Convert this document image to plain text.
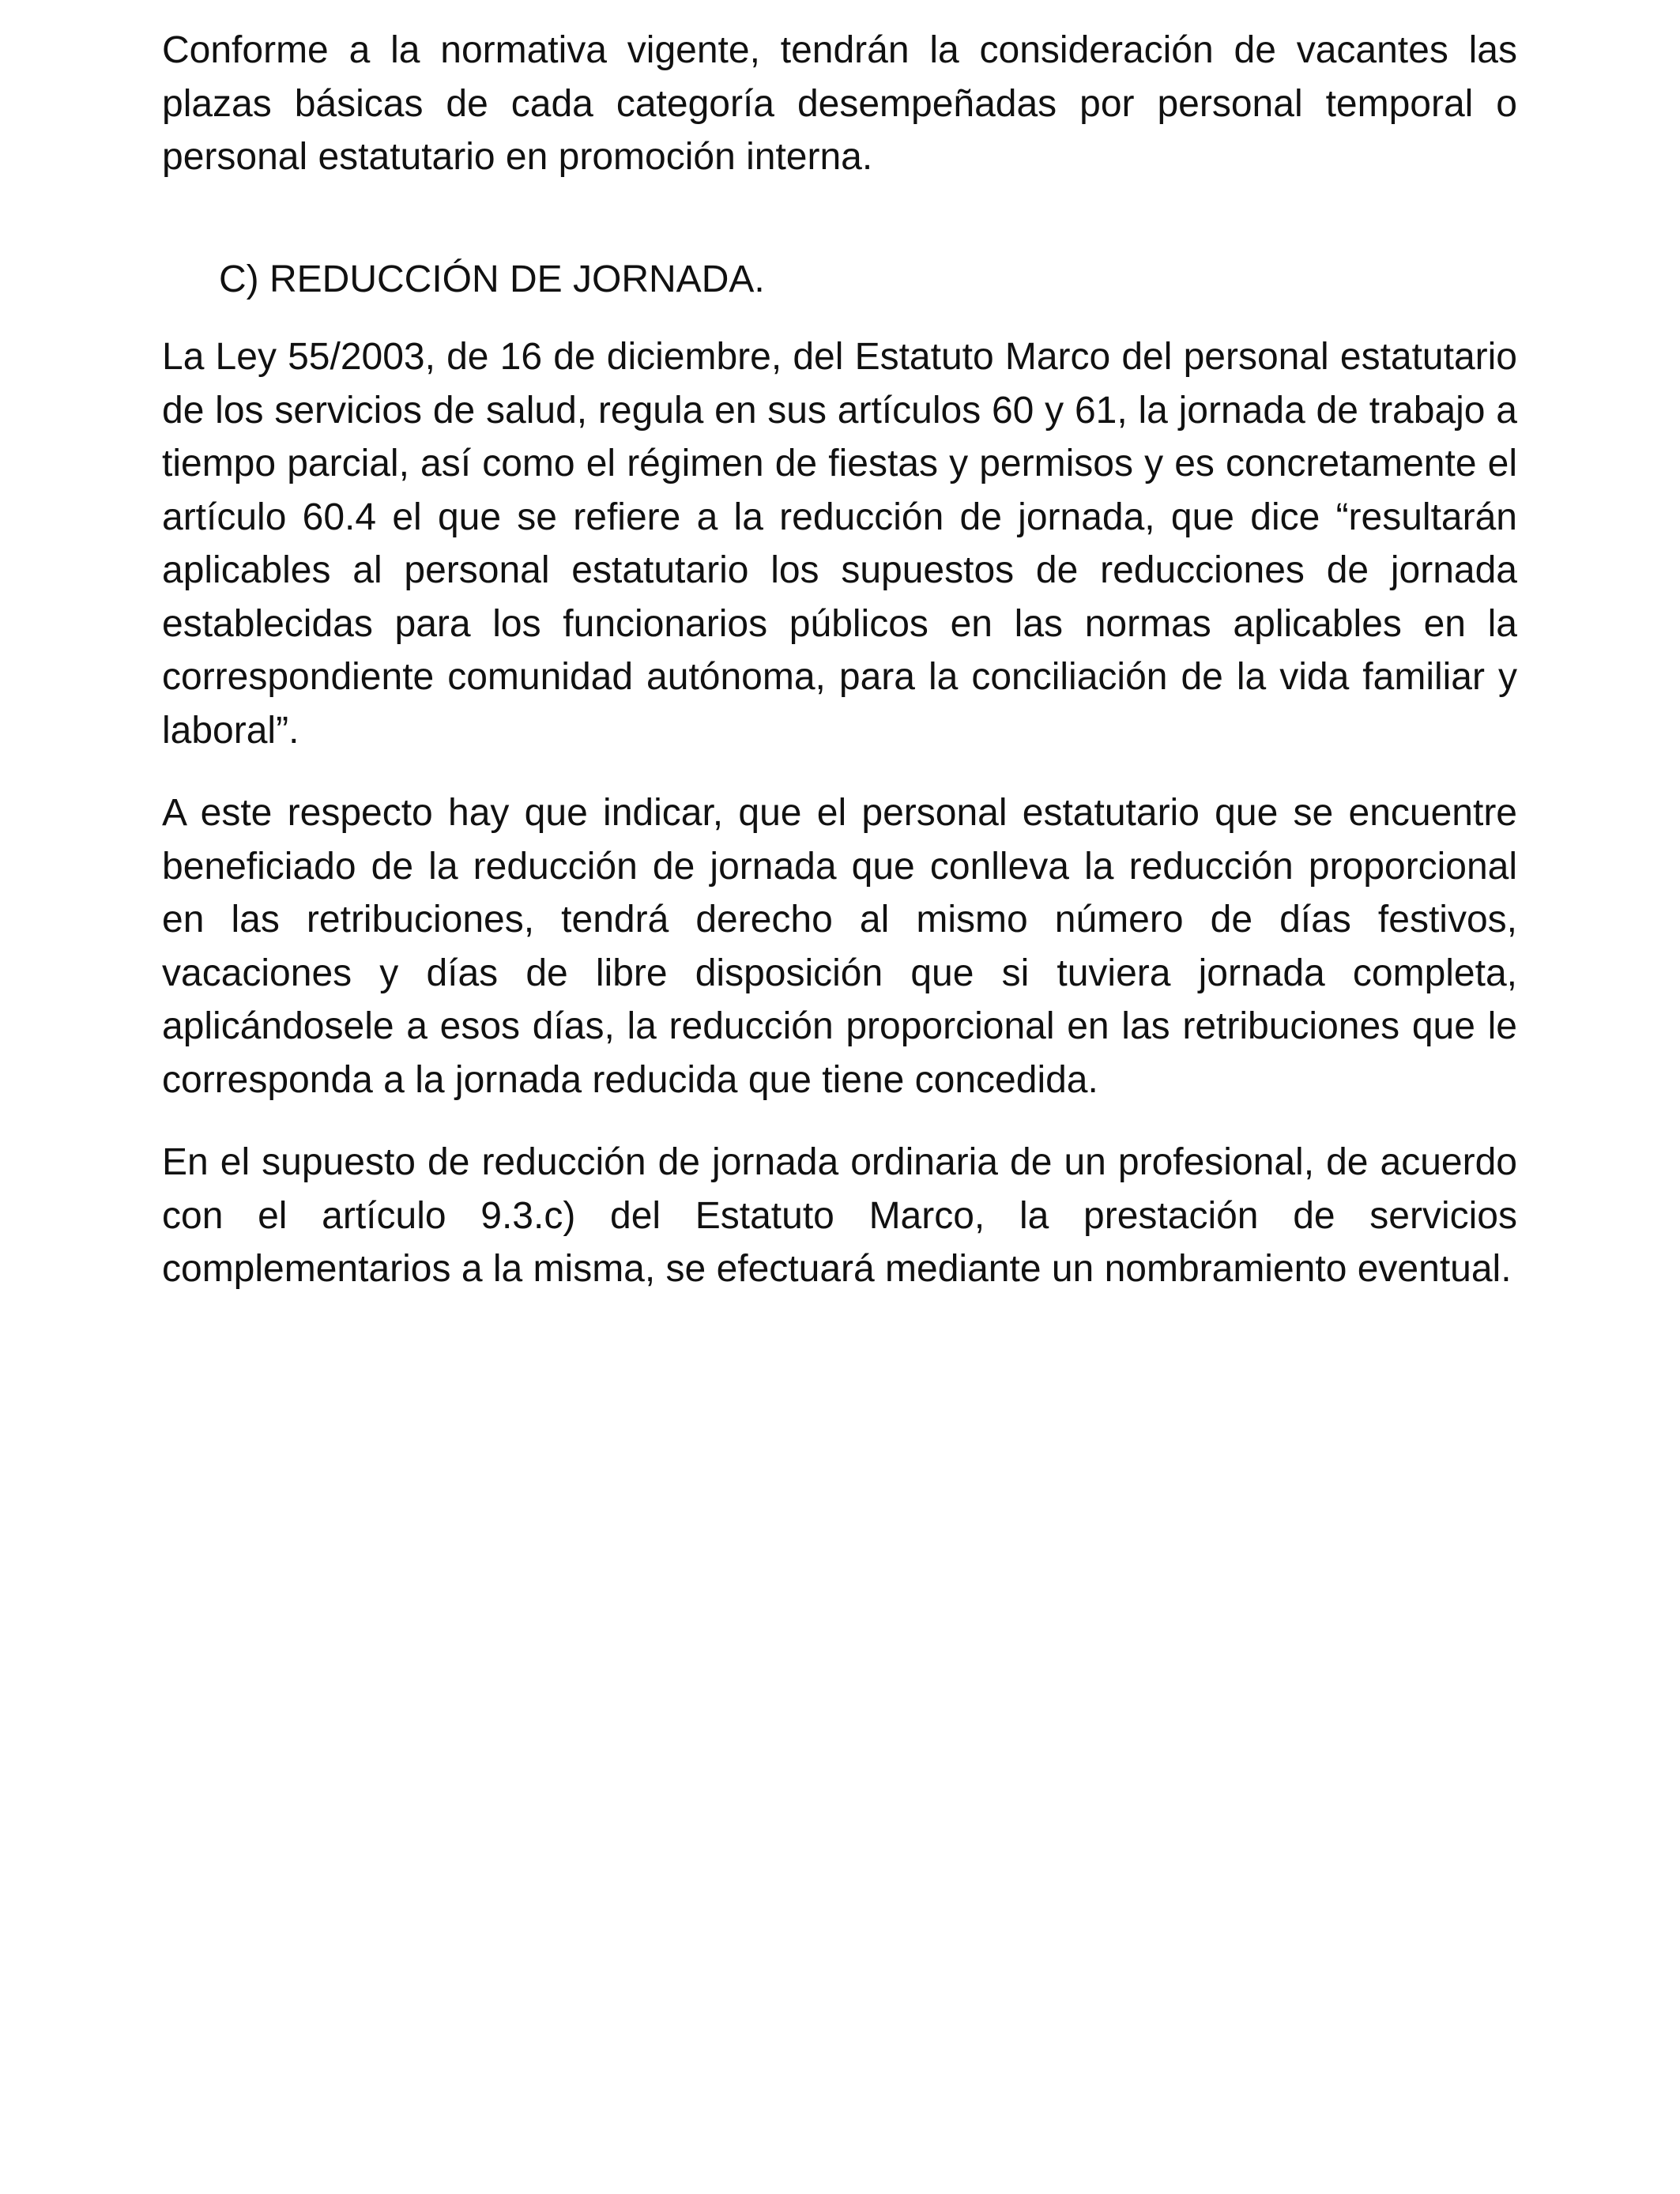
Conforme a la normativa vigente, tendrán la consideración de vacantes las plazas básicas de cada categoría desempeñadas por personal temporal o personal estatutario en promoción interna.

C) REDUCCIÓN DE JORNADA.

La Ley 55/2003, de 16 de diciembre, del Estatuto Marco del personal estatutario de los servicios de salud, regula en sus artículos 60 y 61, la jornada de trabajo a tiempo parcial, así como el régimen de fiestas y permisos y es concretamente el artículo 60.4 el que se refiere a la reducción de jornada, que dice “resultarán aplicables al personal estatutario los supuestos de reducciones de jornada establecidas para los funcionarios públicos en las normas aplicables en la correspondiente comunidad autónoma, para la conciliación de la vida familiar y laboral”.

A este respecto hay que indicar, que el personal estatutario que se encuentre beneficiado de la reducción de jornada que conlleva la reducción proporcional en las retribuciones, tendrá derecho al mismo número de días festivos, vacaciones y días de libre disposición que si tuviera jornada completa, aplicándosele a esos días, la reducción proporcional en las retribuciones que le corresponda a la jornada reducida que tiene concedida.

En el supuesto de reducción de jornada ordinaria de un profesional, de acuerdo con el artículo 9.3.c) del Estatuto Marco, la prestación de servicios complementarios a la misma, se efectuará mediante un nombramiento eventual.
